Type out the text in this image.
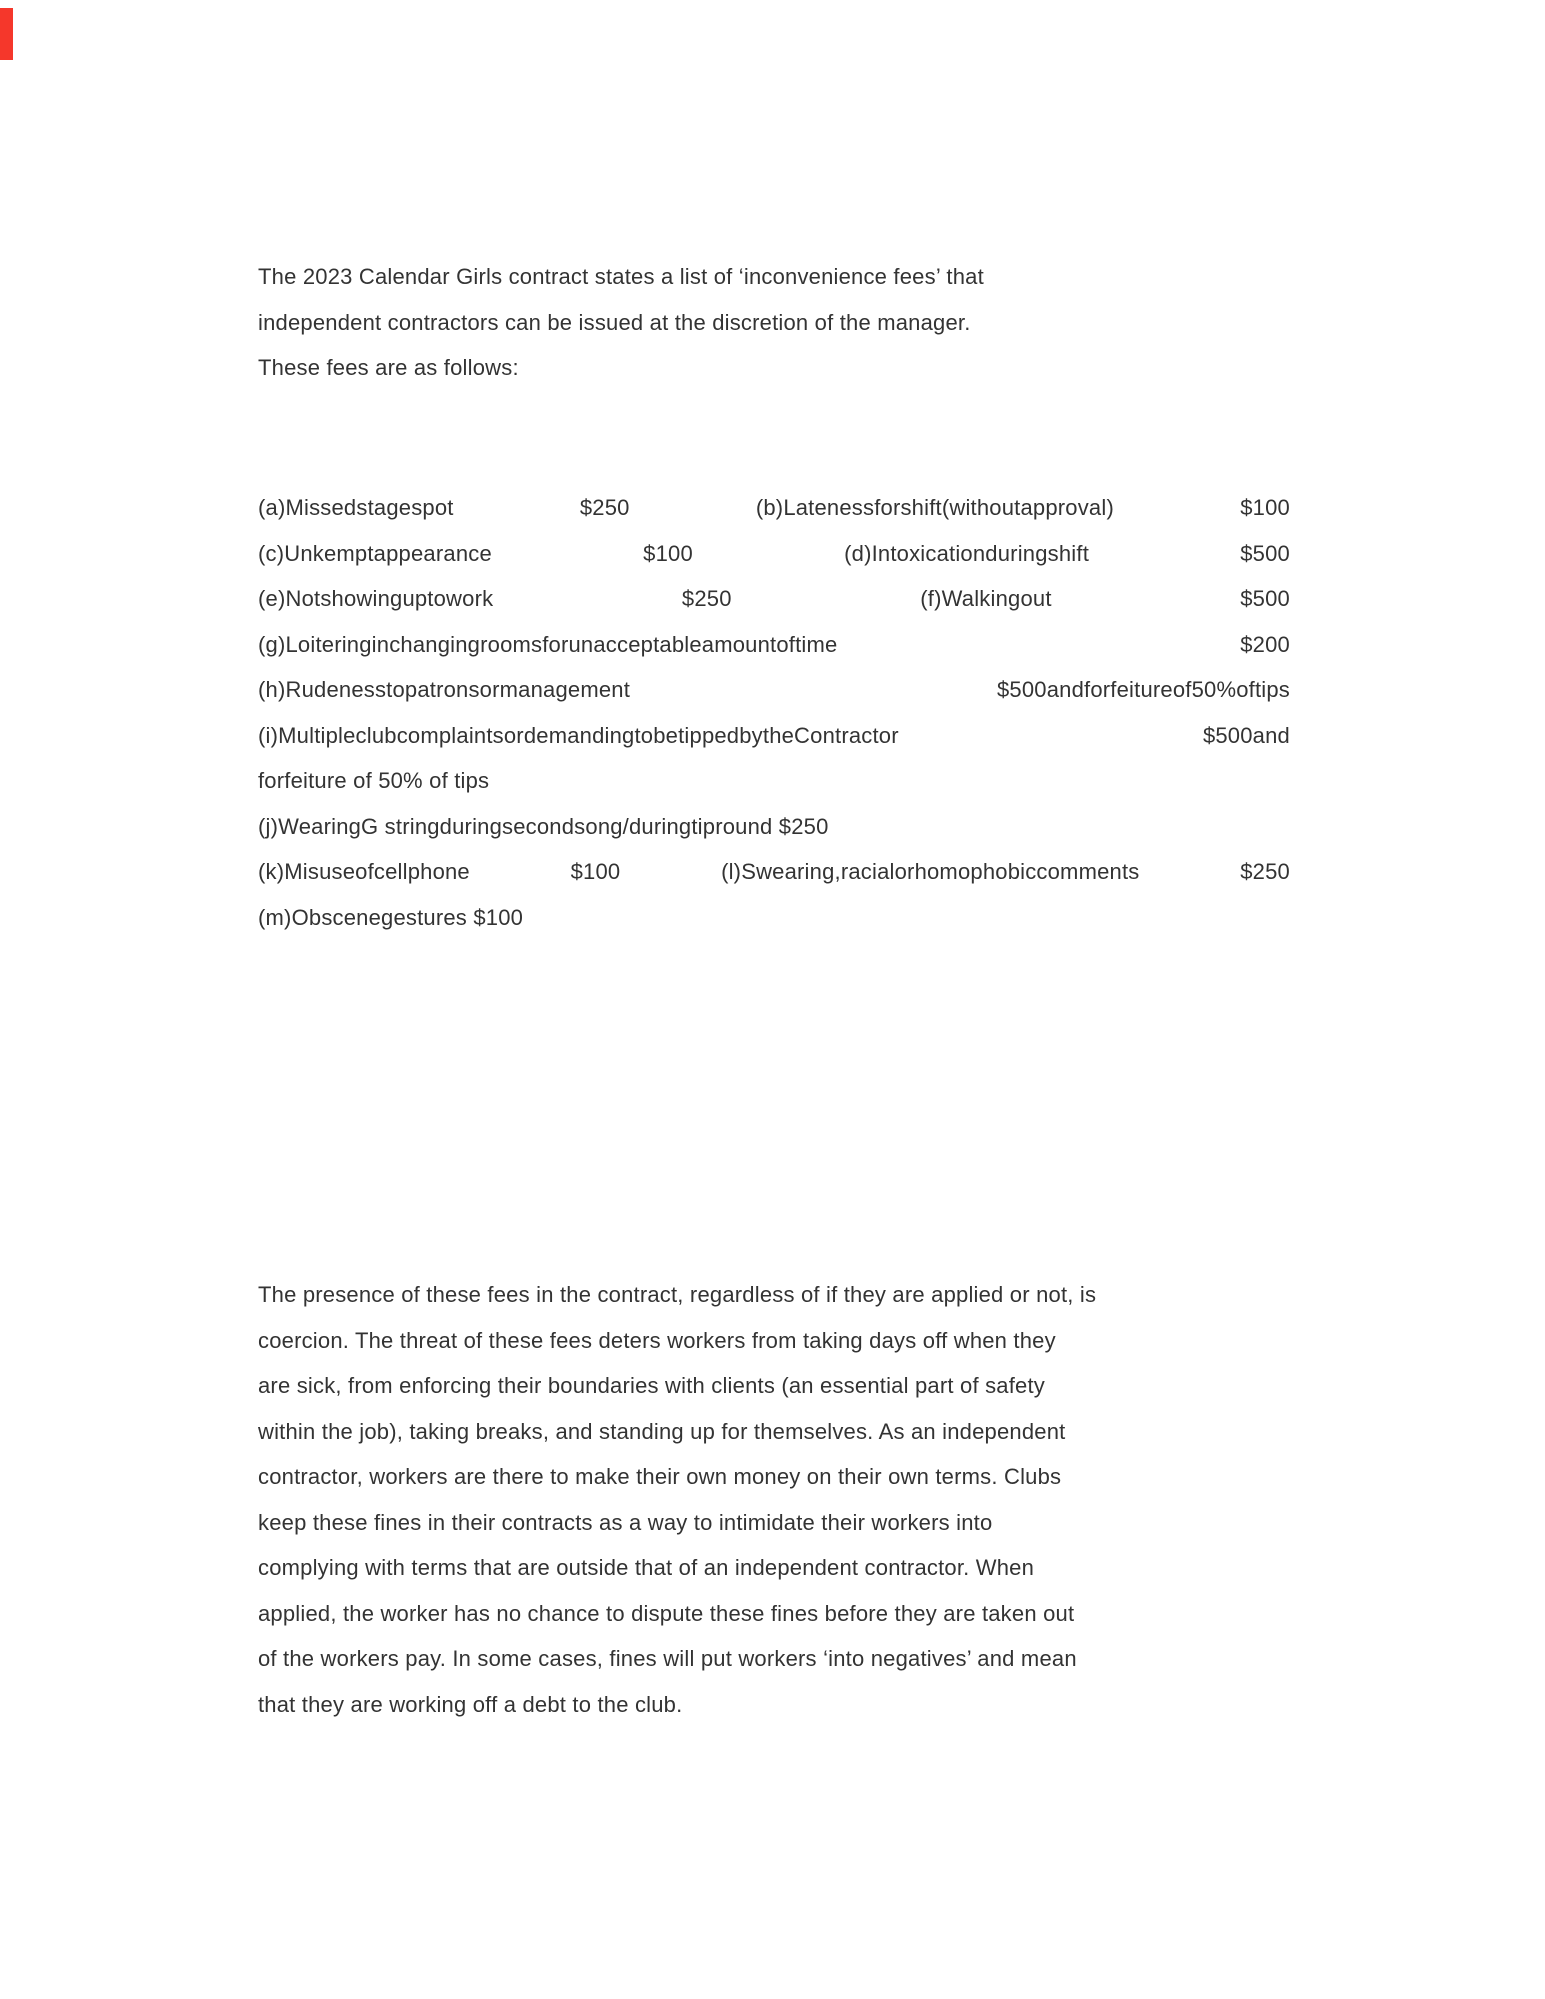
The 2023 Calendar Girls contract states a list of ‘inconvenience fees’ that
independent contractors can be issued at the discretion of the manager.
These fees are as follows:
(a)Missedstagespot	$250	(b)Latenessforshift(withoutapproval)	$100
(c)Unkemptappearance	$100	(d)Intoxicationduringshift	$500
(e)Notshowinguptowork	$250	(f)Walkingout	$500
(g)Loiteringinchangingroomsforunacceptableamountoftime	$200
(h)Rudenesstopatronsormanagement	$500andforfeitureof50%oftips
(i)MultipleclubcomplaintsordemandingtobetippedbytheContractor	$500and
forfeiture of 50% of tips
(j)WearingG stringduringsecondsong/duringtipround $250
(k)Misuseofcellphone	$100	(l)Swearing,racialorhomophobiccomments	$250
(m)Obscenegestures $100
The presence of these fees in the contract, regardless of if they are applied or not, is
coercion. The threat of these fees deters workers from taking days off when they
are sick, from enforcing their boundaries with clients (an essential part of safety
within the job), taking breaks, and standing up for themselves. As an independent
contractor, workers are there to make their own money on their own terms. Clubs
keep these fines in their contracts as a way to intimidate their workers into
complying with terms that are outside that of an independent contractor. When
applied, the worker has no chance to dispute these fines before they are taken out
of the workers pay. In some cases, fines will put workers ‘into negatives’ and mean
that they are working off a debt to the club.
